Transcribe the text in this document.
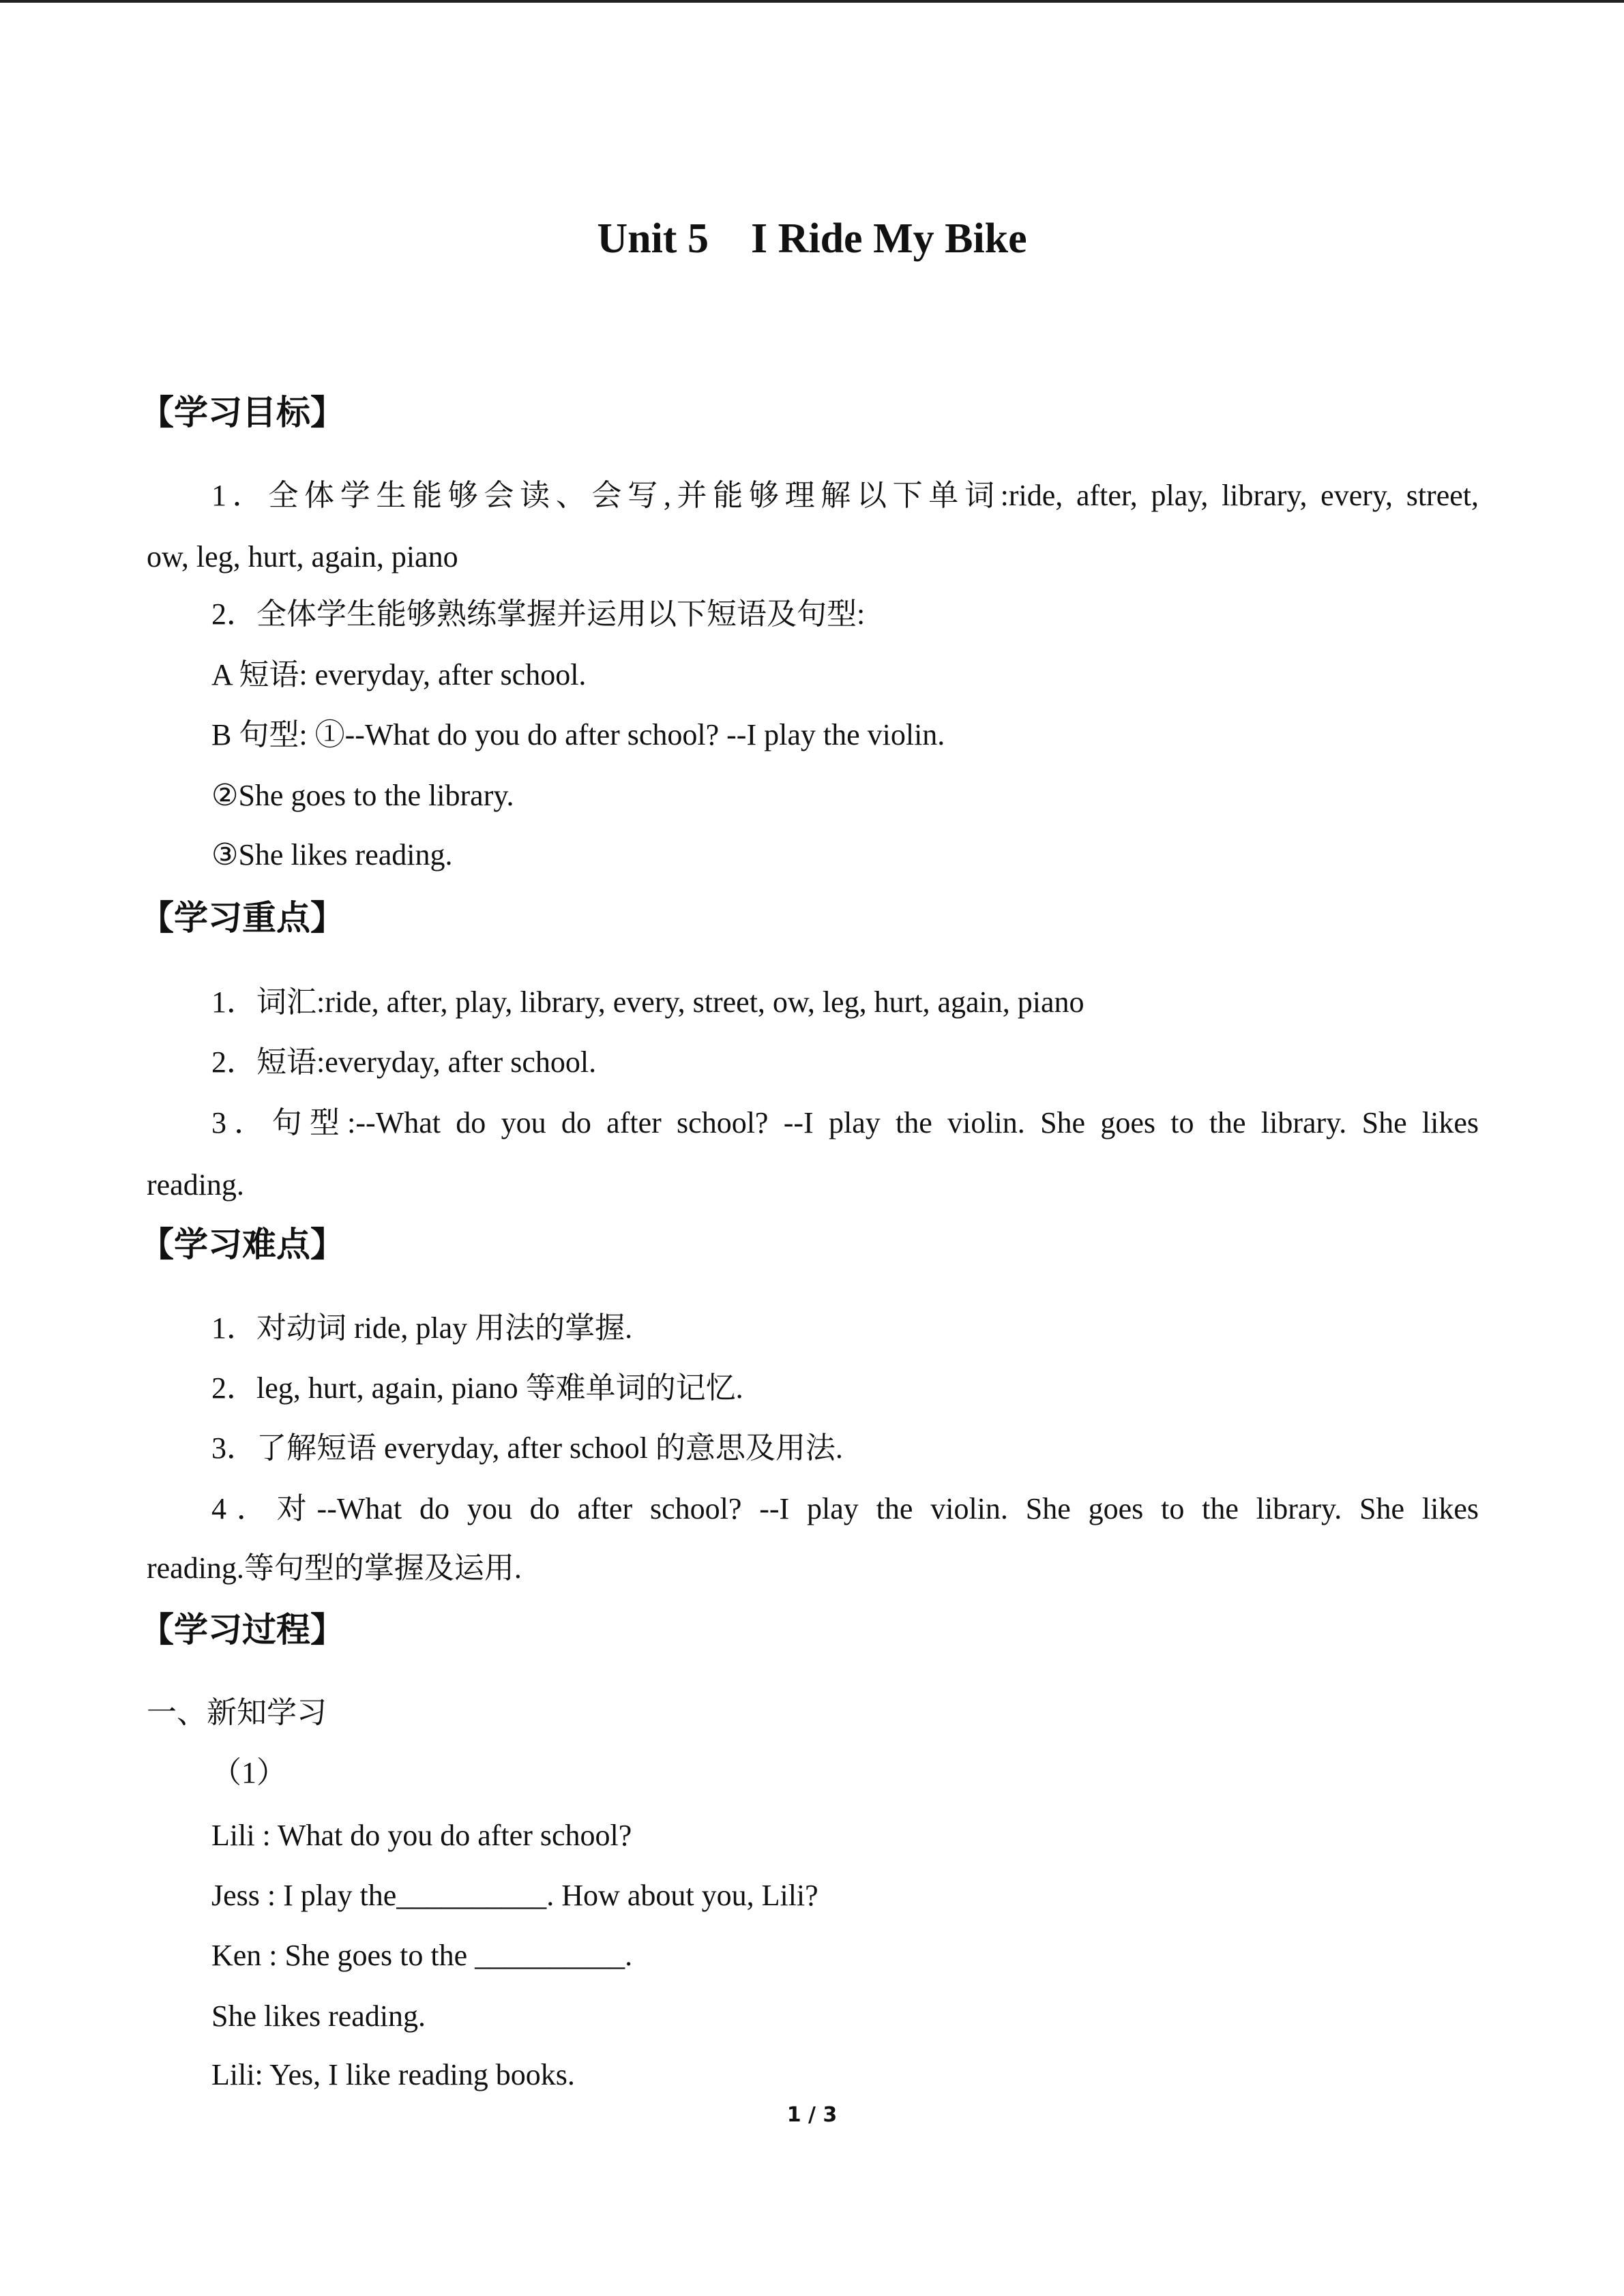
Unit 5    I Ride My Bike
【学习目标】
1．全体学生能够会读、会写,并能够理解以下单词:ride, after, play, library, every, street,
ow, leg, hurt, again, piano
2．全体学生能够熟练掌握并运用以下短语及句型:
A 短语: everyday, after school.
B 句型: ①--What do you do after school? --I play the violin.
②She goes to the library.
③She likes reading.
【学习重点】
1．词汇:ride, after, play, library, every, street, ow, leg, hurt, again, piano
2．短语:everyday, after school.
3．句型:--What do you do after school? --I play the violin. She goes to the library. She likes
reading.
【学习难点】
1．对动词 ride, play 用法的掌握.
2．leg, hurt, again, piano 等难单词的记忆.
3．了解短语 everyday, after school 的意思及用法.
4．对--What do you do after school? --I play the violin. She goes to the library. She likes
reading.等句型的掌握及运用.
【学习过程】
一、新知学习
（1）
Lili : What do you do after school?
Jess : I play the__________. How about you, Lili?
Ken : She goes to the __________.
She likes reading.
Lili: Yes, I like reading books.
1 / 3
